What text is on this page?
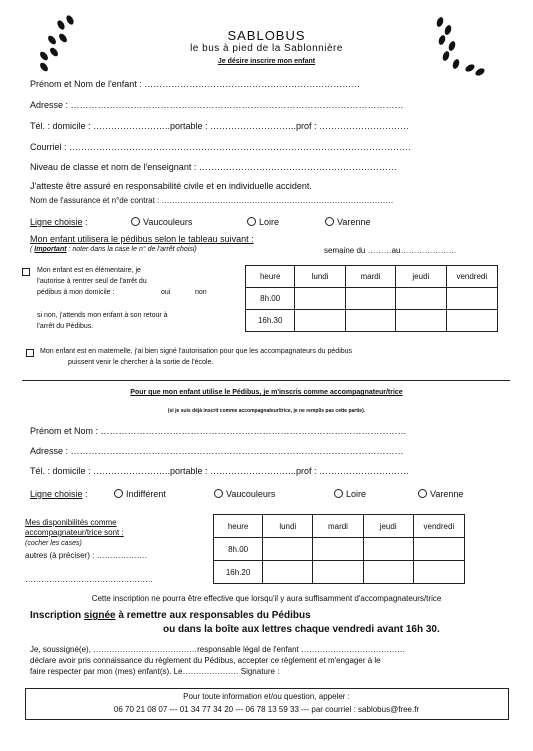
SABLOBUS
le bus à pied de la Sablonnière
Je désire inscrire mon enfant
Prénom et Nom de l'enfant : ………………………………………………………………
Adresse : …………………………………………………………………………………………………
Tél. : domicile : ……………………..portable : ………………………..prof : …………………………
Courriel : ……………………………………………………………………………………………………
Niveau de classe et nom de l'enseignant : …………………………………………………………
J'atteste être assuré en responsabilité civile et en individuelle accident.
Nom de l'assurance et n°de contrat : ……………………………………………………………………………
Ligne choisie :	Vaucouleurs	Loire	Varenne
Mon enfant utilisera le pédibus selon le tableau suivant :
( Important : noter dans la case le n° de l'arrêt choisi)	semaine du ………au…………………
Mon enfant est en élémentaire, je
l'autorise à rentrer seul de l'arrêt du
pédibus à mon domicile :	oui	non
si non, j'attends mon enfant à son retour à
l'arrêt du Pédibus.
heure	lundi	mardi	jeudi	vendredi
8h.00				
16h.30				
Mon enfant est en maternelle, j'ai bien signé l'autorisation pour que les accompagnateurs du pédibus
puissent venir le chercher à la sortie de l'école.
Pour que mon enfant utilise le Pédibus, je m'inscris comme accompagnateur/trice
(si je suis déjà inscrit comme accompagnateur/trice, je ne remplis pas cette partie).
Prénom et Nom : …………………………………………………………………………………………
Adresse : …………………………………………………………………………………………………
Tél. : domicile : ……………………..portable : ………………………..prof : …………………………
Ligne choisie :	Indifférent	Vaucouleurs	Loire	Varenne
Mes disponibilités comme
accompagnateur/trice sont :
(cocher les cases)
autres (à préciser) : ……………….
…………………………………………
heure	lundi	mardi	jeudi	vendredi
8h.00				
16h.20				
Cette inscription ne pourra être effective que lorsqu'il y aura suffisamment d'accompagnateurs/trice
Inscription signée à remettre aux responsables du Pédibus
ou dans la boîte aux lettres chaque vendredi avant 16h 30.
Je, soussigné(e), …………………………………responsable légal de l'enfant …………………………………
déclare avoir pris connaissance du règlement du Pédibus, accepter ce règlement et m'engager à le
faire respecter par mon (mes) enfant(s). Le………………… Signature :
Pour toute information et/ou question, appeler :
06 70 21 08 07 --- 01 34 77 34 20 --- 06 78 13 59 33 --- par courriel : sablobus@free.fr
